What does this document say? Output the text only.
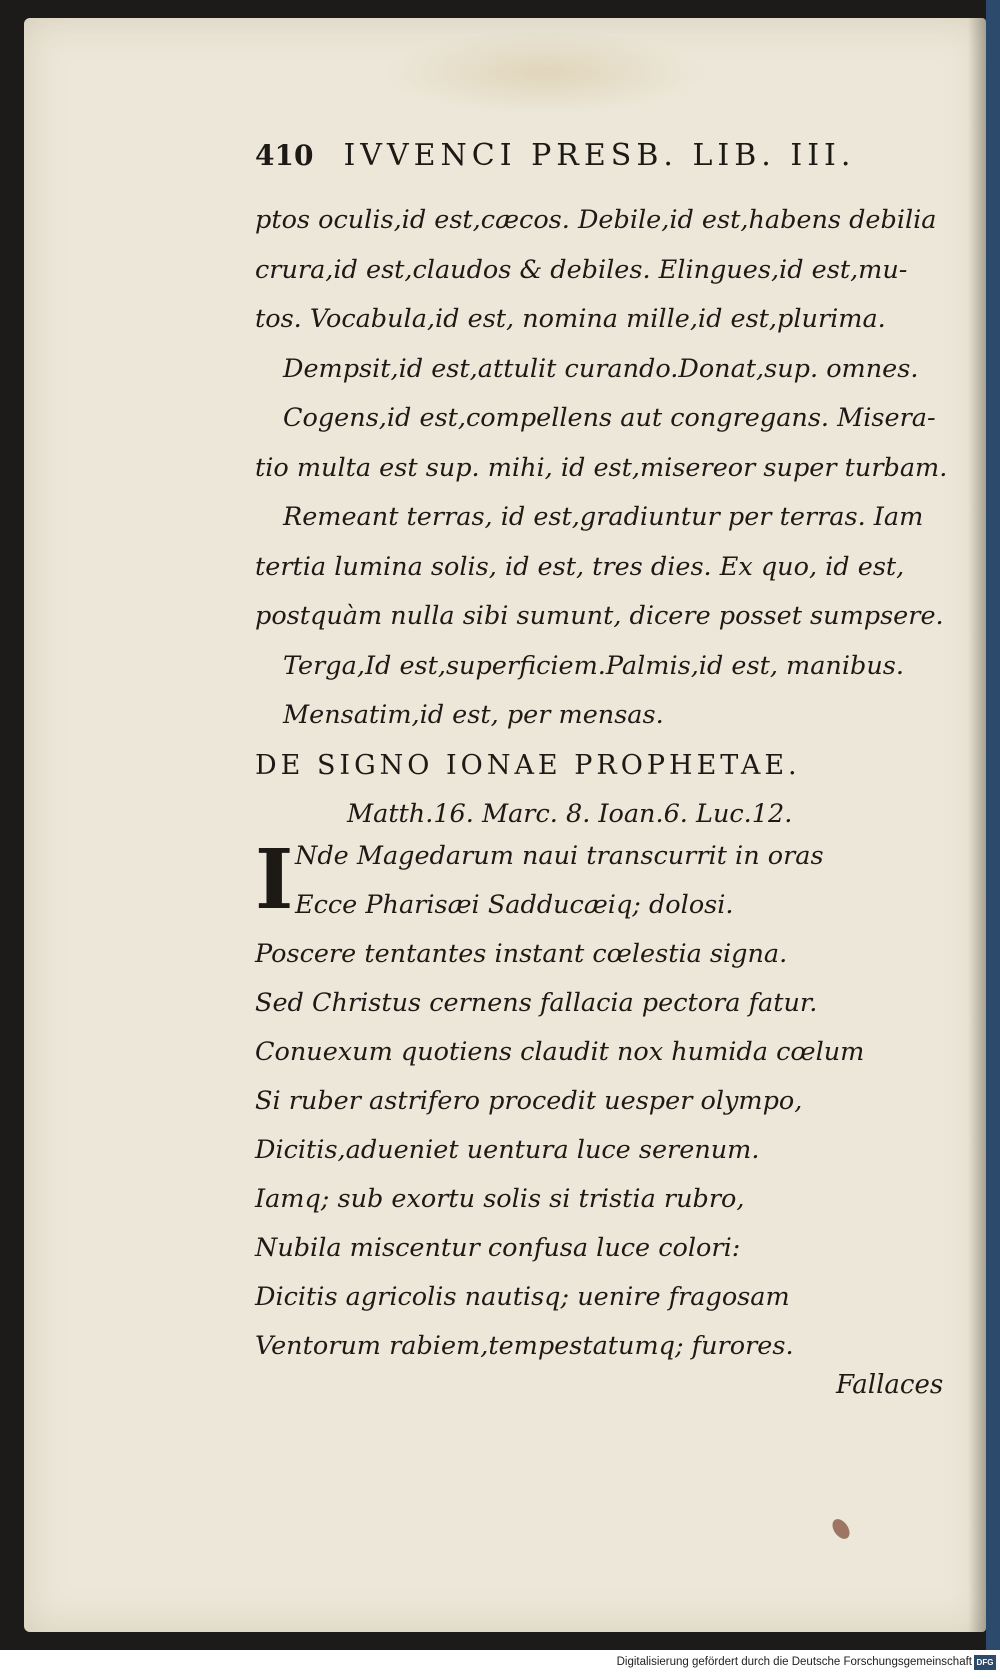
410 IVVENCI PRESB. LIB. III.
ptos oculis,id est,cæcos. Debile,id est,habens debilia
crura,id est,claudos & debiles. Elingues,id est,mu-
tos. Vocabula,id est, nomina mille,id est,plurima.
Dempsit,id est,attulit curando.Donat,sup. omnes.
Cogens,id est,compellens aut congregans. Misera-
tio multa est sup. mihi, id est,misereor super turbam.
Remeant terras, id est,gradiuntur per terras. Iam
tertia lumina solis, id est, tres dies. Ex quo, id est,
postquàm nulla sibi sumunt, dicere posset sumpsere.
Terga,Id est,superficiem.Palmis,id est, manibus.
Mensatim,id est, per mensas.
DE SIGNO IONAE PROPHETAE.
Matth.16. Marc. 8. Ioan.6. Luc.12.
I Nde Magedarum naui transcurrit in oras
Ecce Pharisæi Sadducæiq; dolosi.
Poscere tentantes instant cœlestia signa.
Sed Christus cernens fallacia pectora fatur.
Conuexum quotiens claudit nox humida cœlum
Si ruber astrifero procedit uesper olympo,
Dicitis,adueniet uentura luce serenum.
Iamq; sub exortu solis si tristia rubro,
Nubila miscentur confusa luce colori:
Dicitis agricolis nautisq; uenire fragosam
Ventorum rabiem,tempestatumq; furores.
Fallaces
Digitalisierung gefördert durch die Deutsche Forschungsgemeinschaft DFG
